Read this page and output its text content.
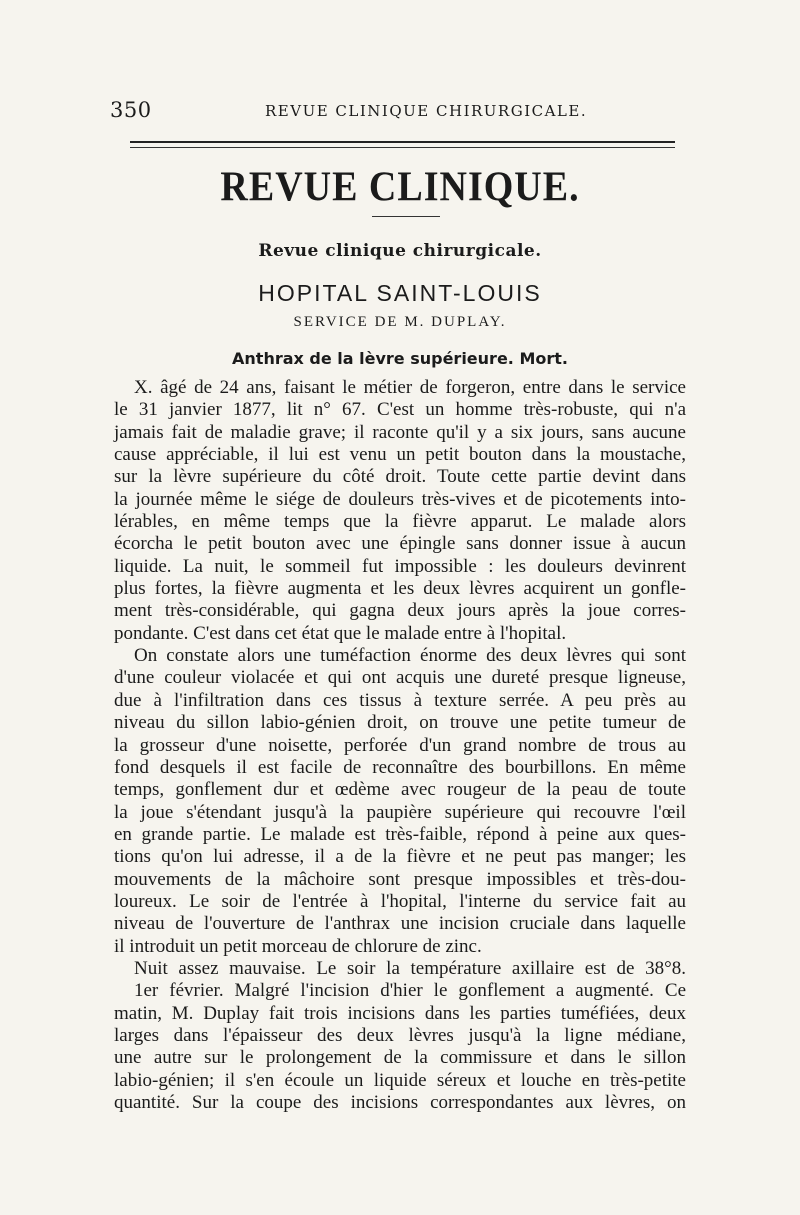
350	REVUE CLINIQUE CHIRURGICALE.
REVUE CLINIQUE.
Revue clinique chirurgicale.
HOPITAL SAINT-LOUIS
SERVICE DE M. DUPLAY.
Anthrax de la lèvre supérieure. Mort.
X. âgé de 24 ans, faisant le métier de forgeron, entre dans le service
le 31 janvier 1877, lit n° 67. C'est un homme très-robuste, qui n'a
jamais fait de maladie grave; il raconte qu'il y a six jours, sans aucune
cause appréciable, il lui est venu un petit bouton dans la moustache,
sur la lèvre supérieure du côté droit. Toute cette partie devint dans
la journée même le siége de douleurs très-vives et de picotements into-
lérables, en même temps que la fièvre apparut. Le malade alors
écorcha le petit bouton avec une épingle sans donner issue à aucun
liquide. La nuit, le sommeil fut impossible : les douleurs devinrent
plus fortes, la fièvre augmenta et les deux lèvres acquirent un gonfle-
ment très-considérable, qui gagna deux jours après la joue corres-
pondante. C'est dans cet état que le malade entre à l'hopital.
On constate alors une tuméfaction énorme des deux lèvres qui sont
d'une couleur violacée et qui ont acquis une dureté presque ligneuse,
due à l'infiltration dans ces tissus à texture serrée. A peu près au
niveau du sillon labio-génien droit, on trouve une petite tumeur de
la grosseur d'une noisette, perforée d'un grand nombre de trous au
fond desquels il est facile de reconnaître des bourbillons. En même
temps, gonflement dur et œdème avec rougeur de la peau de toute
la joue s'étendant jusqu'à la paupière supérieure qui recouvre l'œil
en grande partie. Le malade est très-faible, répond à peine aux ques-
tions qu'on lui adresse, il a de la fièvre et ne peut pas manger; les
mouvements de la mâchoire sont presque impossibles et très-dou-
loureux. Le soir de l'entrée à l'hopital, l'interne du service fait au
niveau de l'ouverture de l'anthrax une incision cruciale dans laquelle
il introduit un petit morceau de chlorure de zinc.
Nuit assez mauvaise. Le soir la température axillaire est de 38°8.
1er février. Malgré l'incision d'hier le gonflement a augmenté. Ce
matin, M. Duplay fait trois incisions dans les parties tuméfiées, deux
larges dans l'épaisseur des deux lèvres jusqu'à la ligne médiane,
une autre sur le prolongement de la commissure et dans le sillon
labio-génien; il s'en écoule un liquide séreux et louche en très-petite
quantité. Sur la coupe des incisions correspondantes aux lèvres, on
